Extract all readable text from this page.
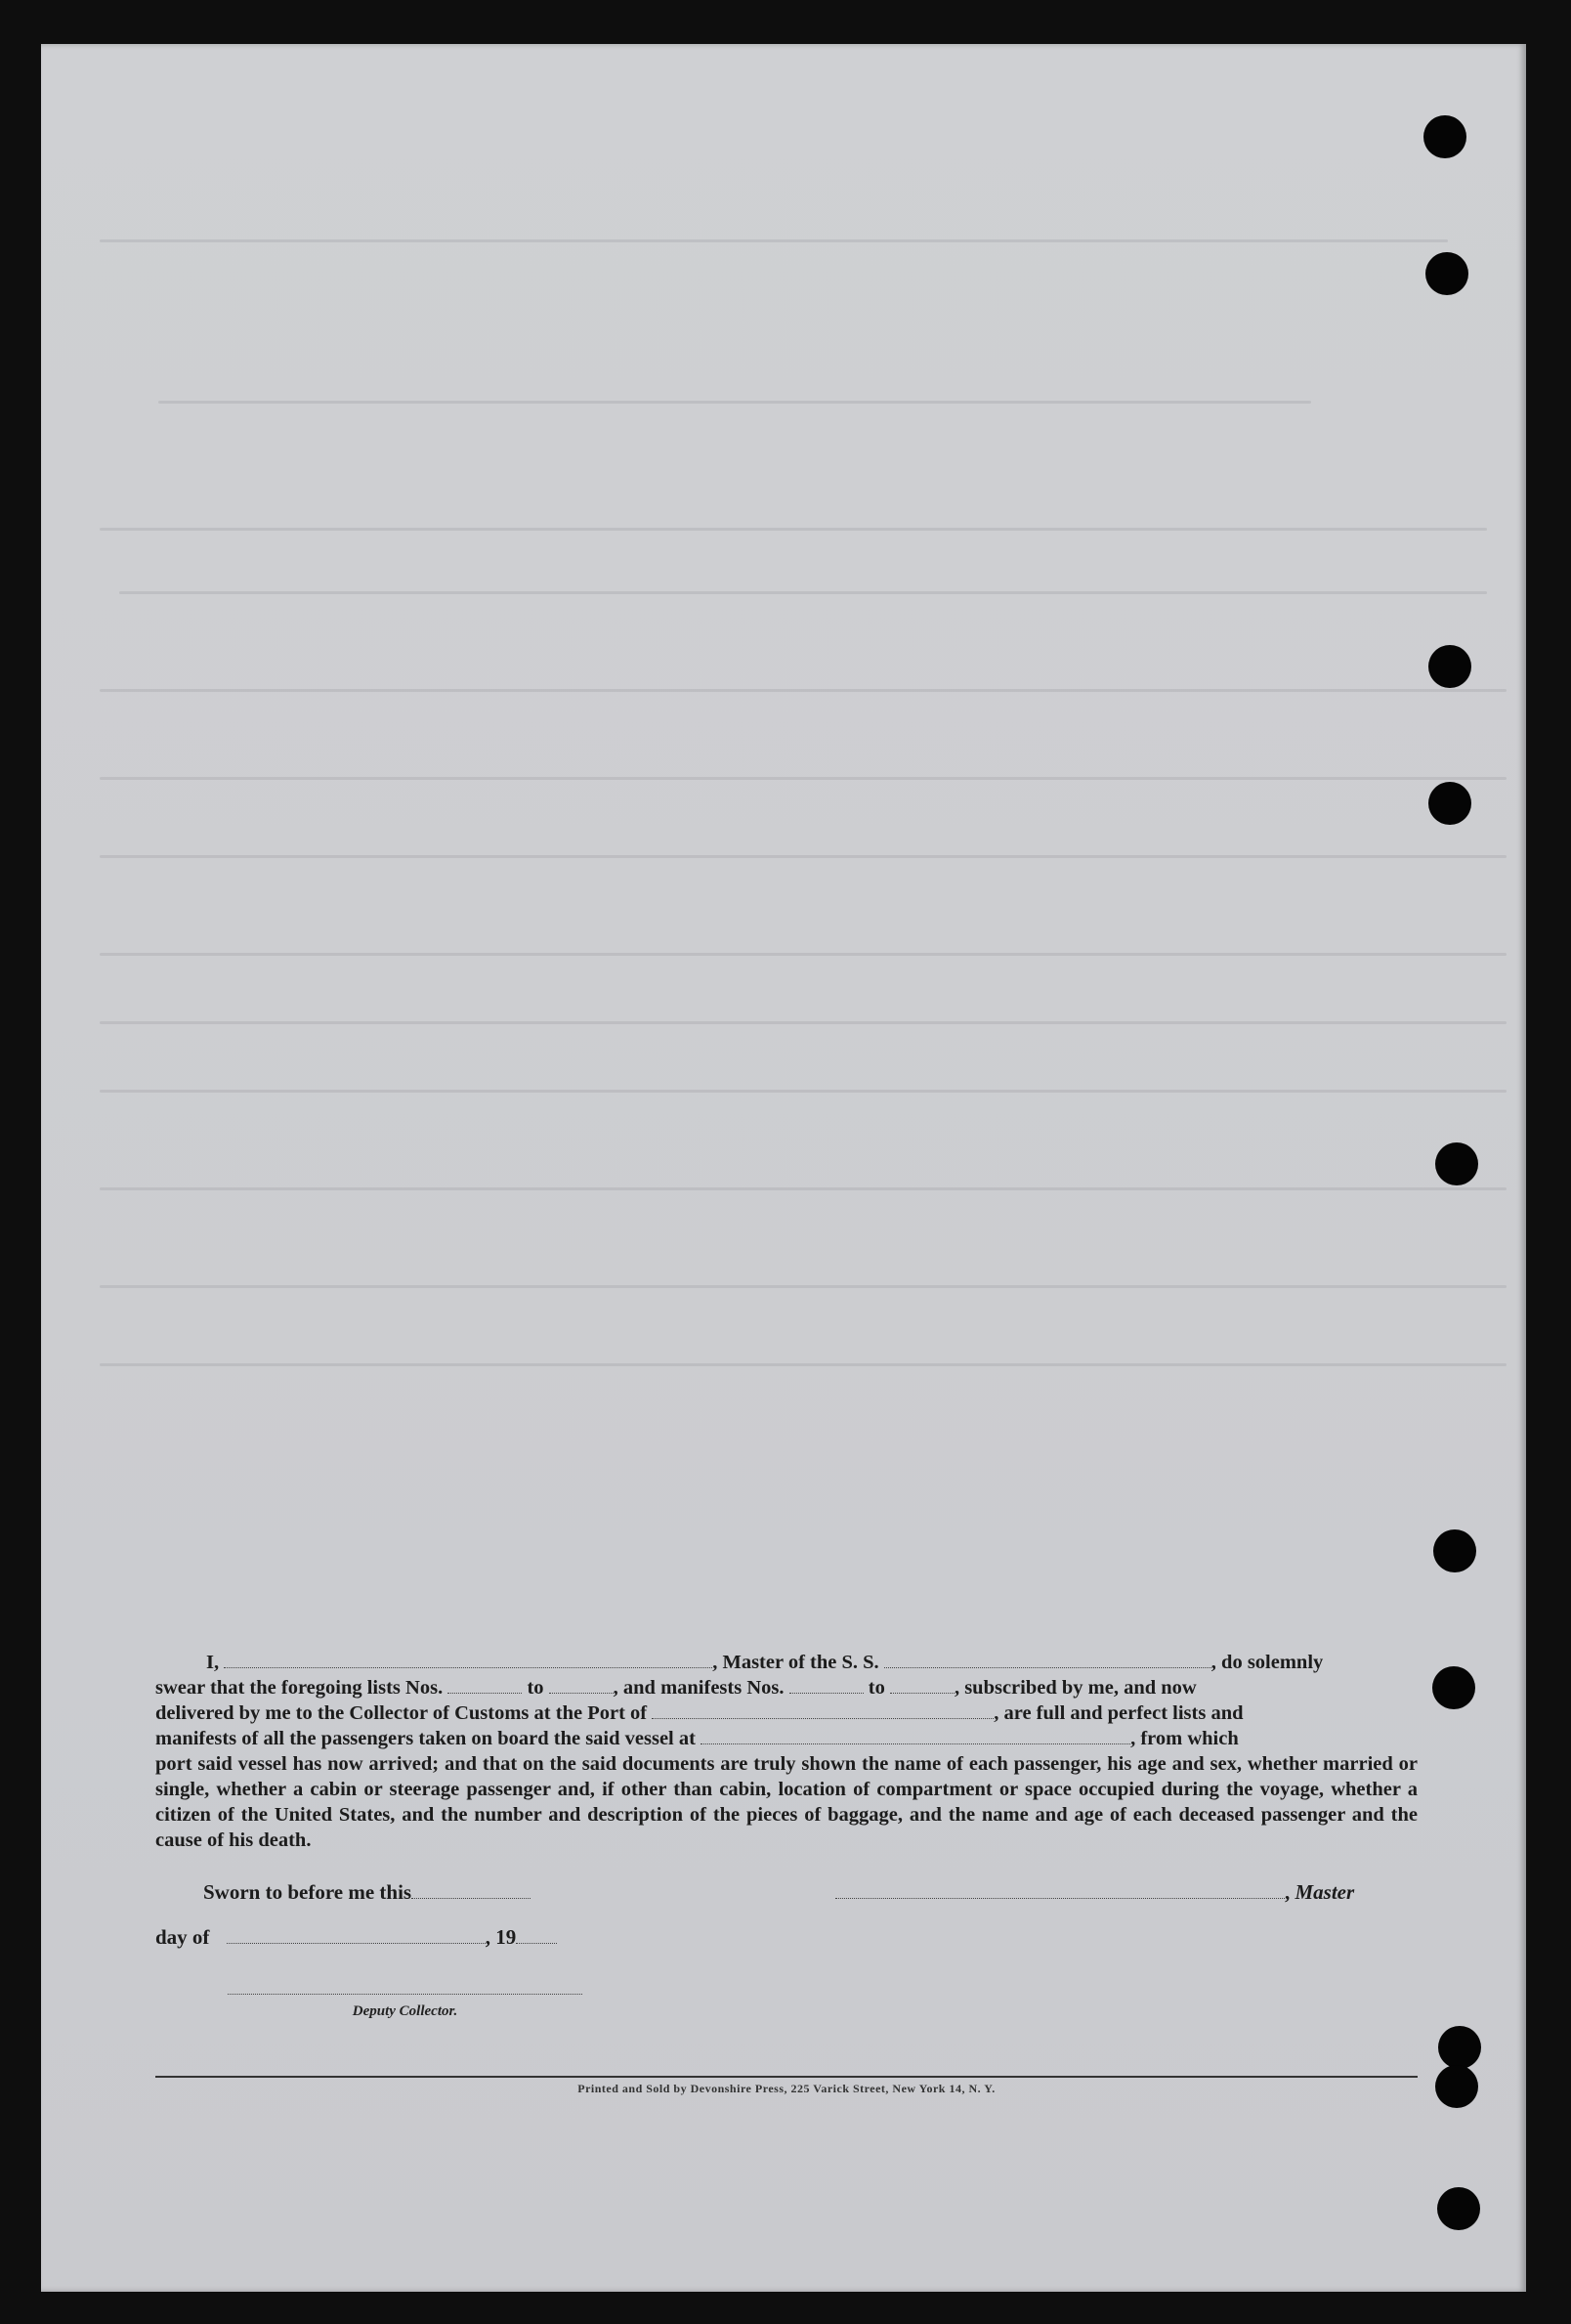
I,	, Master of the S. S.	, do solemnly

swear that the foregoing lists Nos.	to	, and manifests Nos.	to	, subscribed by me, and now

delivered by me to the Collector of Customs at the Port of	, are full and perfect lists and

manifests of all the passengers taken on board the said vessel at	, from which

port said vessel has now arrived; and that on the said documents are truly shown the name of each passenger, his age and sex, whether married or single, whether a cabin or steerage passenger and, if other than cabin, location of compartment or space occupied during the voyage, whether a citizen of the United States, and the number and description of the pieces of baggage, and the name and age of each deceased passenger and the cause of his death.

Sworn to before me this	, Master
day of	, 19
Deputy Collector.
Printed and Sold by Devonshire Press, 225 Varick Street, New York 14, N. Y.
